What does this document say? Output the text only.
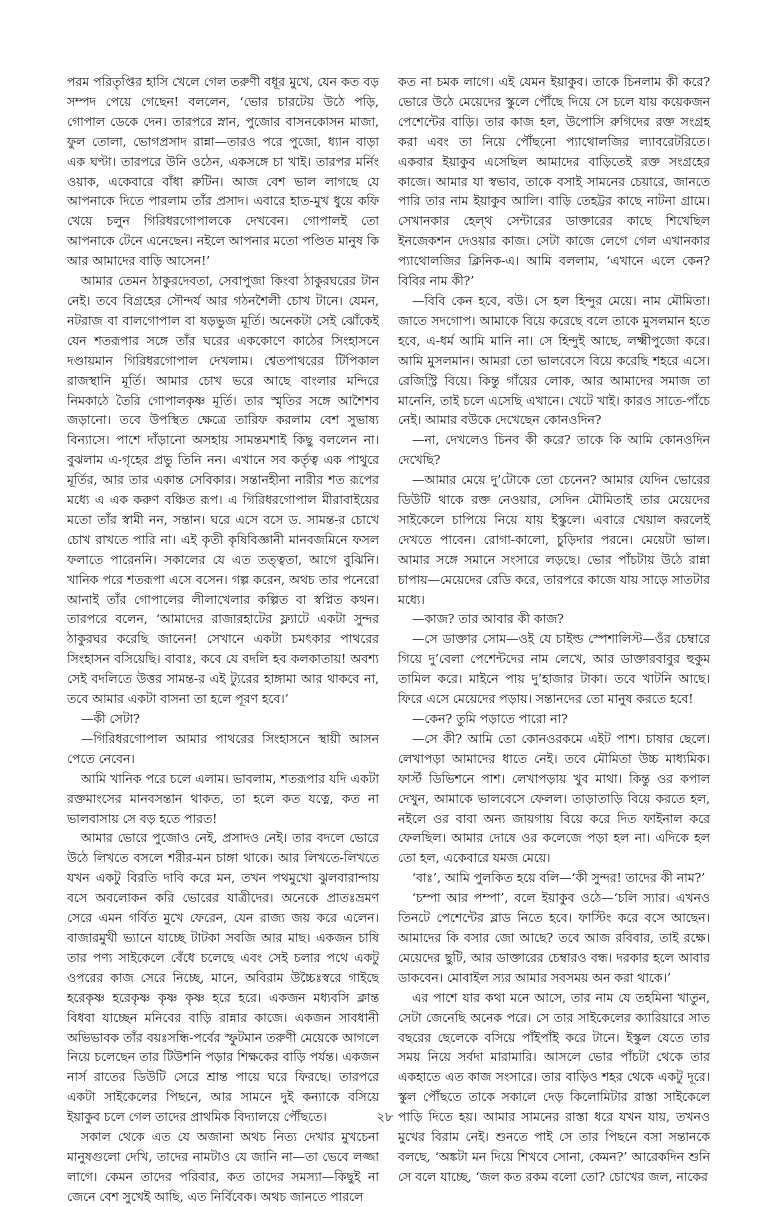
পরম পরিতৃপ্তির হাসি খেলে গেল তরুণী বধূর মুখে, যেন কত বড় সম্পদ পেয়ে গেছেন! বললেন, ‘ভোর চারটেয় উঠে পড়ি, গোপাল ডেকে দেন। তারপরে স্নান, পুজোর বাসনকোসন মাজা, ফুল তোলা, ভোগপ্রসাদ রান্না—তারও পরে পুজো, ধ্যান বাড়া এক ঘণ্টা। তারপরে উনি ওঠেন, একসঙ্গে চা খাই। তারপর মর্নিং ওয়াক, একেবারে বাঁধা রুটিন। আজ বেশ ভাল লাগছে যে আপনাকে দিতে পারলাম তাঁর প্রসাদ। এবারে হাত-মুখ ধুয়ে কফি খেয়ে চলুন গিরিধরগোপালকে দেখবেন। গোপালই তো আপনাকে টেনে এনেছেন। নইলে আপনার মতো পণ্ডিত মানুষ কি আর আমাদের বাড়ি আসেন!’

আমার তেমন ঠাকুরদেবতা, সেবাপুজা কিংবা ঠাকুরঘরের টান নেই। তবে বিগ্রহের সৌন্দর্য আর গঠনশৈলী চোখ টানে। যেমন, নটরাজ বা বালগোপাল বা ষড়ভুজ মূর্তি। অনেকটা সেই ঝোঁকেই যেন শতরূপার সঙ্গে তাঁর ঘরের এককোণে কাঠের সিংহাসনে দণ্ডায়মান গিরিধরগোপাল দেখলাম। শ্বেতপাথরের টিপিকাল রাজস্থানি মূর্তি। আমার চোখ ভরে আছে বাংলার মন্দিরে নিমকাঠে তৈরি গোপালকৃষ্ণ মূর্তি। তার স্মৃতির সঙ্গে আশৈশব জড়ানো। তবে উপস্থিত ক্ষেত্রে তারিফ করলাম বেশ সুভাষ্য বিন্যাসে। পাশে দাঁড়ানো অসহায় সামন্তমশাই কিছু বললেন না। বুঝলাম এ-গৃহের প্রভু তিনি নন। এখানে সব কর্তৃত্ব এক পাথুরে মূর্তির, আর তার একান্ত সেবিকার। সন্তানহীনা নারীর শত রূপের মধ্যে এ এক করুণ বঞ্চিত রূপ। এ গিরিধরগোপাল মীরাবাইয়ের মতো তাঁর স্বামী নন, সন্তান। ঘরে এসে বসে ড. সামন্ত-র চোখে চোখ রাখতে পারি না। এই কৃতী কৃষিবিজ্ঞানী মানবজমিনে ফসল ফলাতে পারেননি। সকালের যে এত তত্ত্বতা, আগে বুঝিনি। খানিক পরে শতরূপা এসে বসেন। গল্প করেন, অথচ তার পনেরো আনাই তাঁর গোপালের লীলাখেলার কল্পিত বা স্বপ্নিত কথন। তারপরে বলেন, ‘আমাদের রাজারহাটের ফ্ল্যাটে একটা সুন্দর ঠাকুরঘর করেছি জানেন! সেখানে একটা চমৎকার পাথরের সিংহাসন বসিয়েছি। বাবাঃ, কবে যে বদলি হব কলকাতায়! অবশ্য সেই বদলিতে উত্তর সামন্ত-র এই ট্যুরের হাঙ্গামা আর থাকবে না, তবে আমার একটা বাসনা তা হলে পূরণ হবে।’

—কী সেটা?

—গিরিধরগোপাল আমার পাথরের সিংহাসনে স্থায়ী আসন পেতে নেবেন।

আমি খানিক পরে চলে এলাম। ভাবলাম, শতরূপার যদি একটা রক্তমাংসের মানবসন্তান থাকত, তা হলে কত যত্নে, কত না ভালবাসায় সে বড় হতে পারত!

আমার ভোরে পুজোও নেই, প্রসাদও নেই। তার বদলে ভোরে উঠে লিখতে বসলে শরীর-মন চাঙ্গা থাকে। আর লিখতে-লিখতে যখন একটু বিরতি দাবি করে মন, তখন পথমুখো ঝুলবারান্দায় বসে অবলোকন করি ভোরের যাত্রীদের। অনেকে প্রাতঃভ্রমণ সেরে এমন গর্বিত মুখে ফেরেন, যেন রাজ্য জয় করে এলেন। বাজারমুখী ভ্যানে যাচ্ছে টাটকা সবজি আর মাছ। একজন চাষি তার পণ্য সাইকেলে বেঁধে চলেছে এবং সেই চলার পথে একটু ওপরের কাজ সেরে নিচ্ছে, মানে, অবিরাম উচ্চৈঃস্বরে গাইছে হরেকৃষ্ণ হরেকৃষ্ণ কৃষ্ণ কৃষ্ণ হরে হরে। একজন মধ্যবসি ক্লান্ত বিধবা যাচ্ছেন মনিবের বাড়ি রান্নার কাজে। একজন সাবধানী অভিভাবক তাঁর বয়ঃসন্ধি-পর্বের স্ফুটমান তরুণী মেয়েকে আগলে নিয়ে চলেছেন তার টিউশনি পড়ার শিক্ষকের বাড়ি পর্যন্ত। একজন নার্স রাতের ডিউটি সেরে শ্রান্ত পায়ে ঘরে ফিরছে। তারপরে একটা সাইকেলের পিছনে, আর সামনে দুই কন্যাকে বসিয়ে ইয়াকুব চলে গেল তাদের প্রাথমিক বিদ্যালয়ে পৌঁছতে।

সকাল থেকে এত যে অজানা অথচ নিত্য দেখার মুখচেনা মানুষগুলো দেখি, তাদের নামটাও যে জানি না—তা ভেবে লজ্জা লাগে। কেমন তাদের পরিবার, কত তাদের সমস্যা—কিছুই না জেনে বেশ সুখেই আছি, এত নির্বিবেক। অথচ জানতে পারলে

কত না চমক লাগে। এই যেমন ইয়াকুব। তাকে চিনলাম কী করে? ভোরে উঠে মেয়েদের স্কুলে পৌঁছে দিয়ে সে চলে যায় কয়েকজন পেশেন্টের বাড়ি। তার কাজ হল, উপোসি রুগিদের রক্ত সংগ্রহ করা এবং তা নিয়ে পৌঁছনো প্যাথোলজির ল্যাবরেটরিতে। একবার ইয়াকুব এসেছিল আমাদের বাড়িতেই রক্ত সংগ্রহের কাজে। আমার যা স্বভাব, তাকে বসাই সামনের চেয়ারে, জানতে পারি তার নাম ইয়াকুব আলি। বাড়ি তেহট্টর কাছে নাটনা গ্রামে। সেখানকার হেল্থ সেন্টারের ডাক্তারের কাছে শিখেছিল ইনজেকশন দেওয়ার কাজ। সেটা কাজে লেগে গেল এখানকার প্যাথোলজির ক্লিনিক-এ। আমি বললাম, ‘এখানে এলে কেন? বিবির নাম কী?’

—বিবি কেন হবে, বউ। সে হল হিন্দুর মেয়ে। নাম মৌমিতা। জাতে সদগোপ। আমাকে বিয়ে করেছে বলে তাকে মুসলমান হতে হবে, এ-ধর্ম আমি মানি না। সে হিন্দুই আছে, লক্ষ্মীপুজো করে। আমি মুসলমান। আমরা তো ভালবেসে বিয়ে করেছি শহরে এসে। রেজিস্ট্রি বিয়ে। কিন্তু গাঁয়ের লোক, আর আমাদের সমাজ তা মানেনি, তাই চলে এসেছি এখানে। খেটে খাই। কারও সাতে-পাঁচে নেই। আমার বউকে দেখেছেন কোনওদিন?

—না, দেখলেও চিনব কী করে? তাকে কি আমি কোনওদিন দেখেছি?

—আমার মেয়ে দু’টোকে তো চেনেন? আমার যেদিন ভোরের ডিউটি থাকে রক্ত নেওয়ার, সেদিন মৌমিতাই তার মেয়েদের সাইকেলে চাপিয়ে নিয়ে যায় ইস্কুলে। এবারে খেয়াল করলেই দেখতে পাবেন। রোগা-কালো, চুড়িদার পরনে। মেয়েটা ভাল। আমার সঙ্গে সমানে সংসারে লড়ছে। ভোর পাঁচটায় উঠে রান্না চাপায়—মেয়েদের রেডি করে, তারপরে কাজে যায় সাড়ে সাতটার মধ্যে।

—কাজ? তার আবার কী কাজ?

—সে ডাক্তার সোম—ওই যে চাইল্ড স্পেশালিস্ট—ওঁর চেম্বারে গিয়ে দু’বেলা পেশেন্টদের নাম লেখে, আর ডাক্তারবাবুর হুকুম তামিল করে। মাইনে পায় দু’হাজার টাকা। তবে খাটনি আছে। ফিরে এসে মেয়েদের পড়ায়। সন্তানদের তো মানুষ করতে হবে!

—কেন? তুমি পড়াতে পারো না?

—সে কী? আমি তো কোনওরকমে এইট পাশ। চাষার ছেলে। লেখাপড়া আমাদের ধাতে নেই। তবে মৌমিতা উচ্চ মাধ্যমিক। ফার্স্ট ডিভিশনে পাশ। লেখাপড়ায় খুব মাথা। কিন্তু ওর কপাল দেখুন, আমাকে ভালবেসে ফেলল। তাড়াতাড়ি বিয়ে করতে হল, নইলে ওর বাবা অন্য জায়গায় বিয়ে করে দিত ফাইনাল করে ফেলছিল। আমার দোষে ওর কলেজে পড়া হল না। এদিকে হল তো হল, একেবারে যমজ মেয়ে।

‘বাঃ’, আমি পুলকিত হয়ে বলি—‘কী সুন্দর! তাদের কী নাম?’

‘চম্পা আর পম্পা’, বলে ইয়াকুব ওঠে—‘চলি স্যার। এখনও তিনটে পেশেন্টের ব্লাড নিতে হবে। ফাস্টিং করে বসে আছেন। আমাদের কি বসার জো আছে? তবে আজ রবিবার, তাই রক্ষে। মেয়েদের ছুটি, আর ডাক্তারের চেম্বারও বন্ধ। দরকার হলে আবার ডাকবেন। মোবাইল স্যর আমার সবসময় অন করা থাকে।’

এর পাশে যার কথা মনে আসে, তার নাম যে তহমিনা খাতুন, সেটা জেনেছি অনেক পরে। সে তার সাইকেলের ক্যারিয়ারে সাত বছরের ছেলেকে বসিয়ে পাঁইপাঁই করে টানে। ইস্কুল যেতে তার সময় নিয়ে সর্বদা মারামারি। আসলে ভোর পাঁচটা থেকে তার একহাতে এত কাজ সংসারে। তার বাড়িও শহর থেকে একটু দূরে। স্কুল পৌঁছতে তাকে সকালে দেড় কিলোমিটার রাস্তা সাইকেলে পাড়ি দিতে হয়। আমার সামনের রাস্তা ধরে যখন যায়, তখনও মুখের বিরাম নেই। শুনতে পাই সে তার পিছনে বসা সন্তানকে বলছে, ‘অঙ্কটা মন দিয়ে শিখবে সোনা, কেমন?’ আরেকদিন শুনি সে বলে যাচ্ছে, ‘জল কত রকম বলো তো? চোখের জল, নাকের

২৮
